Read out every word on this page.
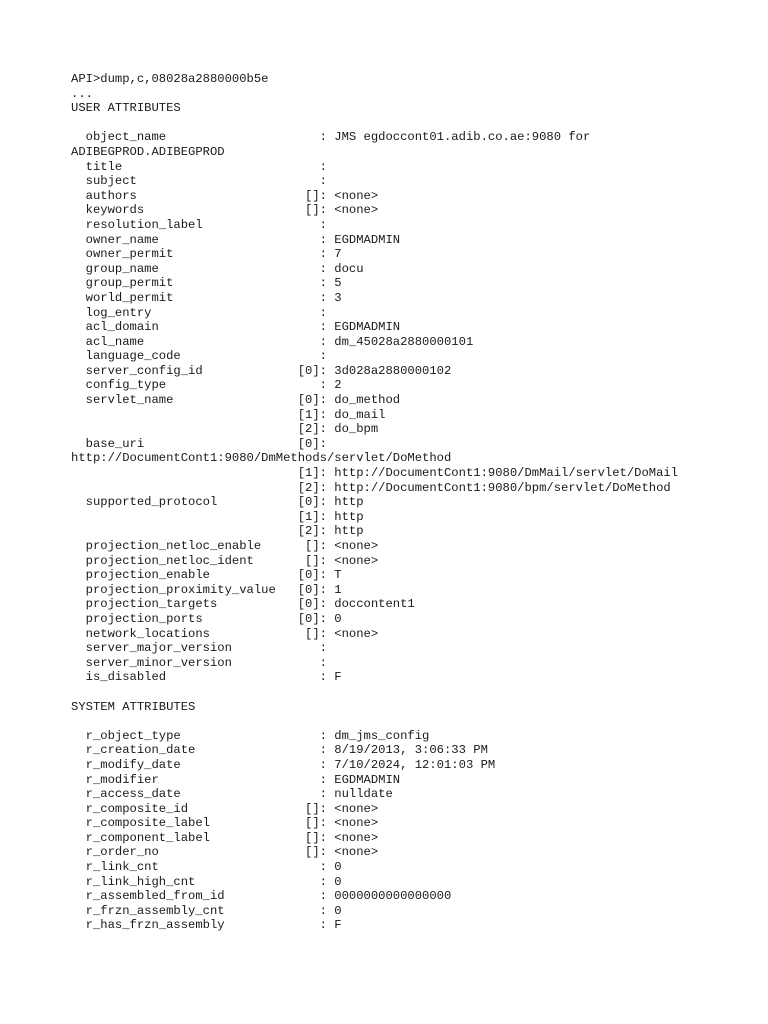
API>dump,c,08028a2880000b5e
...
USER ATTRIBUTES
object_name                     : JMS egdoccont01.adib.co.ae:9080 for
ADIBEGPROD.ADIBEGPROD
title                           :
subject                         :
authors                       []: <none>
keywords                      []: <none>
resolution_label                :
owner_name                      : EGDMADMIN
owner_permit                    : 7
group_name                      : docu
group_permit                    : 5
world_permit                    : 3
log_entry                       :
acl_domain                      : EGDMADMIN
acl_name                        : dm_45028a2880000101
language_code                   :
server_config_id             [0]: 3d028a2880000102
config_type                     : 2
servlet_name                 [0]: do_method
[1]: do_mail
[2]: do_bpm
base_uri                     [0]:
http://DocumentCont1:9080/DmMethods/servlet/DoMethod
[1]: http://DocumentCont1:9080/DmMail/servlet/DoMail
[2]: http://DocumentCont1:9080/bpm/servlet/DoMethod
supported_protocol           [0]: http
[1]: http
[2]: http
projection_netloc_enable      []: <none>
projection_netloc_ident       []: <none>
projection_enable            [0]: T
projection_proximity_value   [0]: 1
projection_targets           [0]: doccontent1
projection_ports             [0]: 0
network_locations             []: <none>
server_major_version            :
server_minor_version            :
is_disabled                     : F
SYSTEM ATTRIBUTES
r_object_type                   : dm_jms_config
r_creation_date                 : 8/19/2013, 3:06:33 PM
r_modify_date                   : 7/10/2024, 12:01:03 PM
r_modifier                      : EGDMADMIN
r_access_date                   : nulldate
r_composite_id                []: <none>
r_composite_label             []: <none>
r_component_label             []: <none>
r_order_no                    []: <none>
r_link_cnt                      : 0
r_link_high_cnt                 : 0
r_assembled_from_id             : 0000000000000000
r_frzn_assembly_cnt             : 0
r_has_frzn_assembly             : F
